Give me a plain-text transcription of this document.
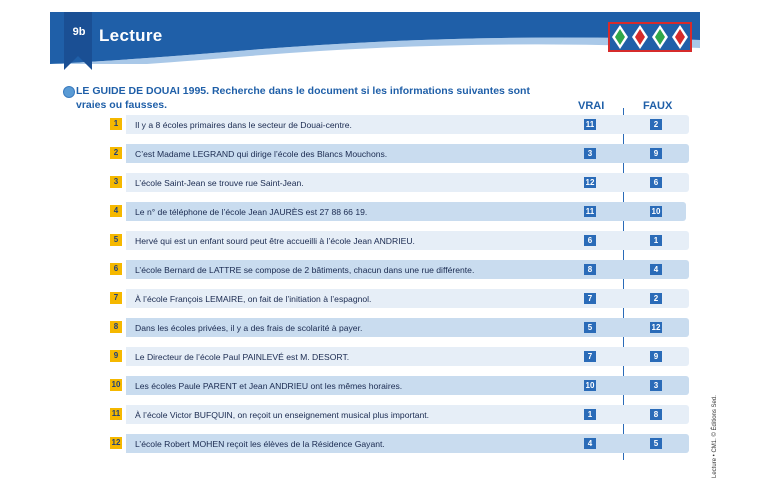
9b Lecture
LE GUIDE DE DOUAI 1995. Recherche dans le document si les informations suivantes sont vraies ou fausses.	VRAI	FAUX
1	Il y a 8 écoles primaires dans le secteur de Douai-centre.	11	2
2	C’est Madame LEGRAND qui dirige l’école des Blancs Mouchons.	3	9
3	L’école Saint-Jean se trouve rue Saint-Jean.	12	6
4	Le n° de téléphone de l’école Jean JAURÈS est 27 88 66 19.	11	10
5	Hervé qui est un enfant sourd peut être accueilli à l’école Jean ANDRIEU.	6	1
6	L’école Bernard de LATTRE se compose de 2 bâtiments, chacun dans une rue différente.	8	4
7	À l’école François LEMAIRE, on fait de l’initiation à l’espagnol.	7	2
8	Dans les écoles privées, il y a des frais de scolarité à payer.	5	12
9	Le Directeur de l’école Paul PAINLEVÉ est M. DESORT.	7	9
10 Les écoles Paule PARENT et Jean ANDRIEU ont les mêmes horaires.	10	3
11 À l’école Victor BUFQUIN, on reçoit un enseignement musical plus important.	1	8
12 L’école Robert MOHEN reçoit les élèves de la Résidence Gayant.	4	5	Lecture • CM1. © Éditions Sed.
